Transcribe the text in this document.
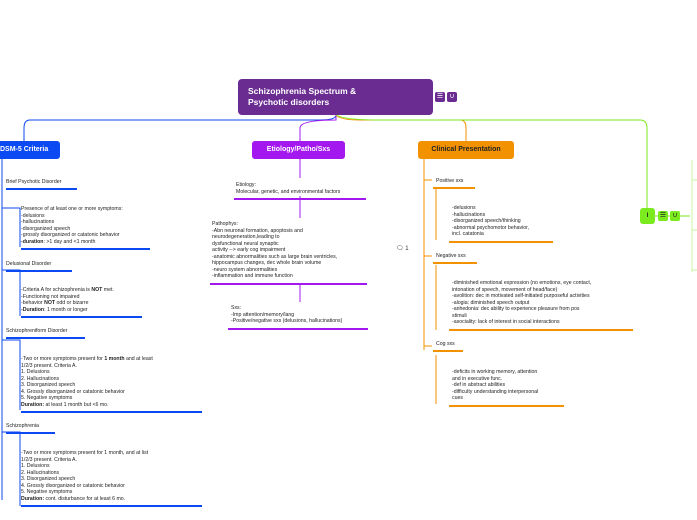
Schizophrenia Spectrum &
Psychotic disorders
☰ ∪
DSM-5 Criteria	Etiology/Patho/Sxs	Clinical Presentation
Brief Psychotic Disorder
Presence of at least one or more symptoms:
-delusions
-hallucinations
-disorganized speech
-grossly disorganized or catatonic behavior
-duration: >1 day and <1 month
Delusional Disorder
-Criteria A for schizophrenia is NOT met.
-Functioning not impaired
-behavior NOT odd or bizarre
-Duration: 1 month or longer
Schizophreniform Disorder
-Two or more symptoms present for 1 month and at least
1/2/3 present. Criteria A.
1. Delusions
2. Hallucinations
3. Disorganized speech
4. Grossly disorganized or catatonic behavior
5. Negative symptoms
Duration: at least 1 month but <6 mo.
Schizophrenia
-Two or more symptoms present for 1 month, and at list
1/2/3 present. Criteria A.
1. Delusions
2. Hallucinations
3. Disorganized speech
4. Grossly disorganized or catatonic behavior
5. Negative symptoms
Duration: cont. disturbance for at least 6 mo.
Etiology:
Molecular, genetic, and environmental factors
Pathophys:
-Abn neuronal formation, apoptosis and
neurodegeneration,leading to
dysfunctional neural synaptic
activity --> early cog impairment
-anatomic abnormalities such as large brain ventricles,
hippocampus changes, dec whole brain volume
-neuro system abnormalities
-inflammation and immune function
Sxs:
-Imp attention/memory/lang
-Positive/negative sxs (delusions, hallucinations)
🗨 1
Positive sxs
-delusions
-hallucinations
-disorganized speech/thinking
-abnormal psychomotor behavior,
incl. catatonia
Negative sxs
-diminished emotional expression (no emotions, eye contact,
intonation of speech, movement of head/face)
-avolition: dec in motivated self-initiated purposeful activities
-alogia: diminished speech output
-anhedonia: dec ability to experience pleasure from pos
stimuli
-asociality: lack of interest in social interactions
Cog sxs
-deficits in working memory, attention
and in executive func.
-def in abstract abilities
-difficulty understanding interpersonal
cues
I	☰ ∪
